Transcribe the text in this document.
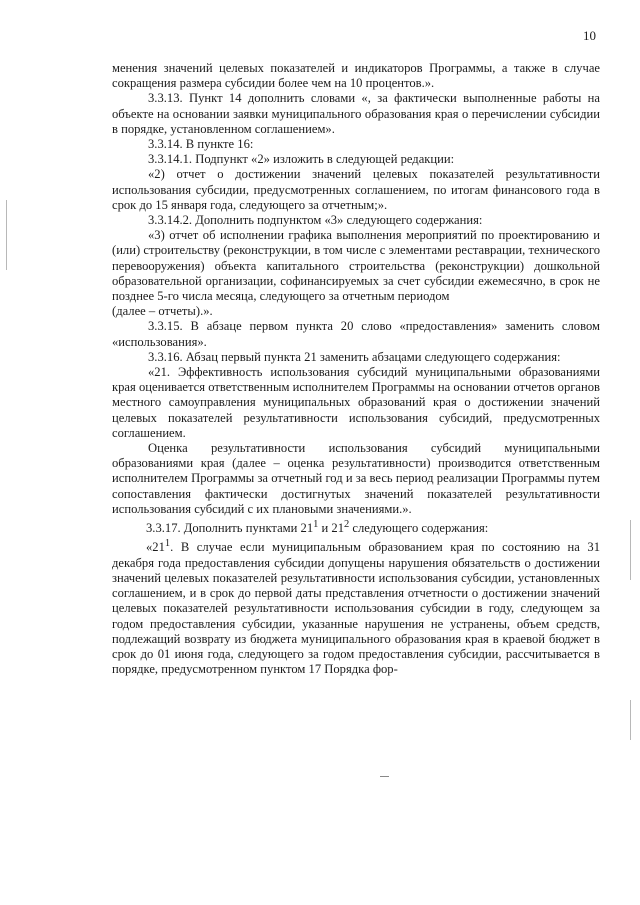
10

менения значений целевых показателей и индикаторов Программы, а также в случае сокращения размера субсидии более чем на 10 процентов.».

3.3.13. Пункт 14 дополнить словами «, за фактически выполненные работы на объекте на основании заявки муниципального образования края о перечислении субсидии в порядке, установленном соглашением».

3.3.14. В пункте 16:

3.3.14.1. Подпункт «2» изложить в следующей редакции:

«2) отчет о достижении значений целевых показателей результативности использования субсидии, предусмотренных соглашением, по итогам финансового года в срок до 15 января года, следующего за отчетным;».

3.3.14.2. Дополнить подпунктом «3» следующего содержания:

«3) отчет об исполнении графика выполнения мероприятий по проектированию и (или) строительству (реконструкции, в том числе с элементами реставрации, технического перевооружения) объекта капитального строительства (реконструкции) дошкольной образовательной организации, софинансируемых за счет субсидии ежемесячно, в срок не позднее 5-го числа месяца, следующего за отчетным периодом

(далее – отчеты).».

3.3.15. В абзаце первом пункта 20 слово «предоставления» заменить словом «использования».

3.3.16. Абзац первый пункта 21 заменить абзацами следующего содержания:

«21. Эффективность использования субсидий муниципальными образованиями края оценивается ответственным исполнителем Программы на основании отчетов органов местного самоуправления муниципальных образований края о достижении значений целевых показателей результативности использования субсидий, предусмотренных соглашением.

Оценка результативности использования субсидий муниципальными образованиями края (далее – оценка результативности) производится ответственным исполнителем Программы за отчетный год и за весь период реализации Программы путем сопоставления фактически достигнутых значений показателей результативности использования субсидий с их плановыми значениями.».

3.3.17. Дополнить пунктами $21^1$ и $21^2$ следующего содержания:

«$21^1$. В случае если муниципальным образованием края по состоянию на 31 декабря года предоставления субсидии допущены нарушения обязательств о достижении значений целевых показателей результативности использования субсидии, установленных соглашением, и в срок до первой даты представления отчетности о достижении значений целевых показателей результативности использования субсидии в году, следующем за годом предоставления субсидии, указанные нарушения не устранены, объем средств, подлежащий возврату из бюджета муниципального образования края в краевой бюджет в срок до 01 июня года, следующего за годом предоставления субсидии, рассчитывается в порядке, предусмотренном пунктом 17 Порядка фор-
